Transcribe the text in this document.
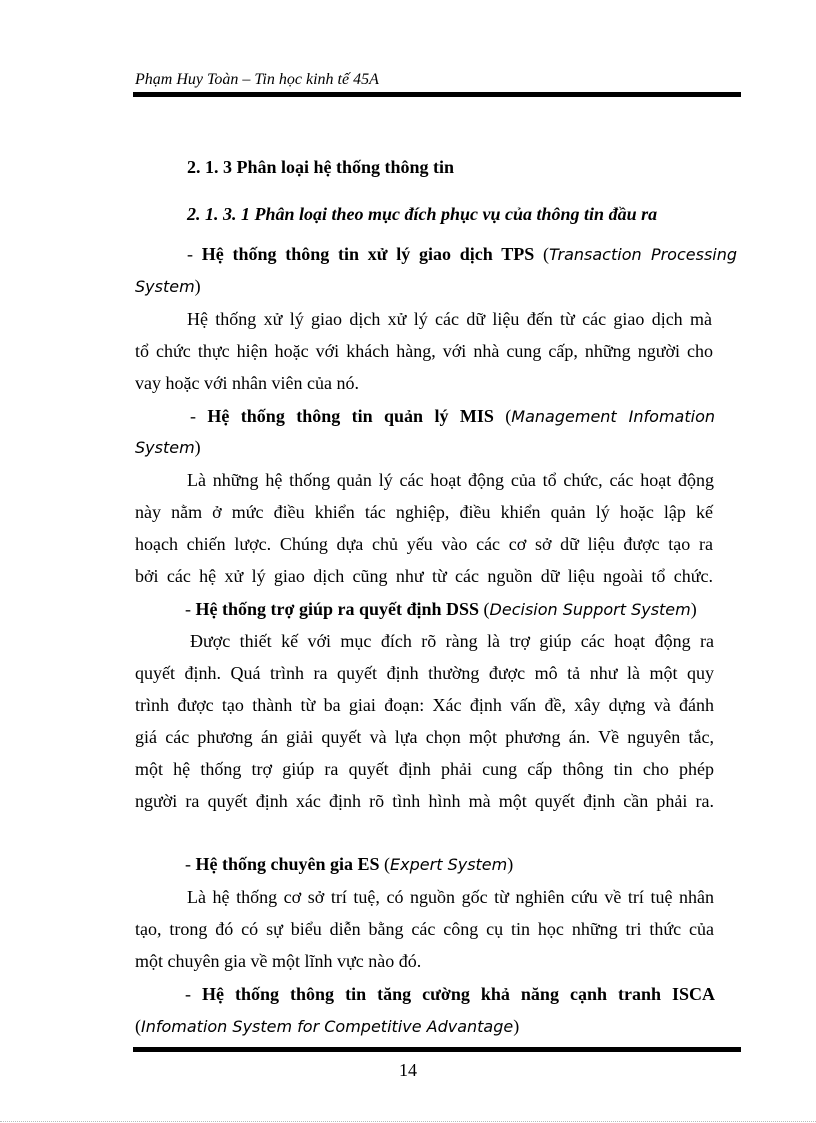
Phạm Huy Toàn – Tin học kinh tế 45A
2. 1. 3 Phân loại hệ thống thông tin
2. 1. 3. 1 Phân loại theo mục đích phục vụ của thông tin đầu ra
- Hệ thống thông tin xử lý giao dịch TPS (Transaction Processing
System)
Hệ thống xử lý giao dịch xử lý các dữ liệu đến từ các giao dịch mà
tổ chức thực hiện hoặc với khách hàng, với nhà cung cấp, những người cho
vay hoặc với nhân viên của nó.
- Hệ thống thông tin quản lý MIS (Management Infomation
System)
Là những hệ thống quản lý các hoạt động của tổ chức, các hoạt động
này nằm ở mức điều khiển tác nghiệp, điều khiển quản lý hoặc lập kế
hoạch chiến lược. Chúng dựa chủ yếu vào các cơ sở dữ liệu được tạo ra
bởi các hệ xử lý giao dịch cũng như từ các nguồn dữ liệu ngoài tổ chức.
- Hệ thống trợ giúp ra quyết định DSS (Decision Support System)
Được thiết kế với mục đích rõ ràng là trợ giúp các hoạt động ra
quyết định. Quá trình ra quyết định thường được mô tả như là một quy
trình được tạo thành từ ba giai đoạn: Xác định vấn đề, xây dựng và đánh
giá các phương án giải quyết và lựa chọn một phương án. Về nguyên tắc,
một hệ thống trợ giúp ra quyết định phải cung cấp thông tin cho phép
người ra quyết định xác định rõ tình hình mà một quyết định cần phải ra.
- Hệ thống chuyên gia ES (Expert System)
Là hệ thống cơ sở trí tuệ, có nguồn gốc từ nghiên cứu về trí tuệ nhân
tạo, trong đó có sự biểu diễn bằng các công cụ tin học những tri thức của
một chuyên gia về một lĩnh vực nào đó.
- Hệ thống thông tin tăng cường khả năng cạnh tranh ISCA
(Infomation System for Competitive Advantage)
14
